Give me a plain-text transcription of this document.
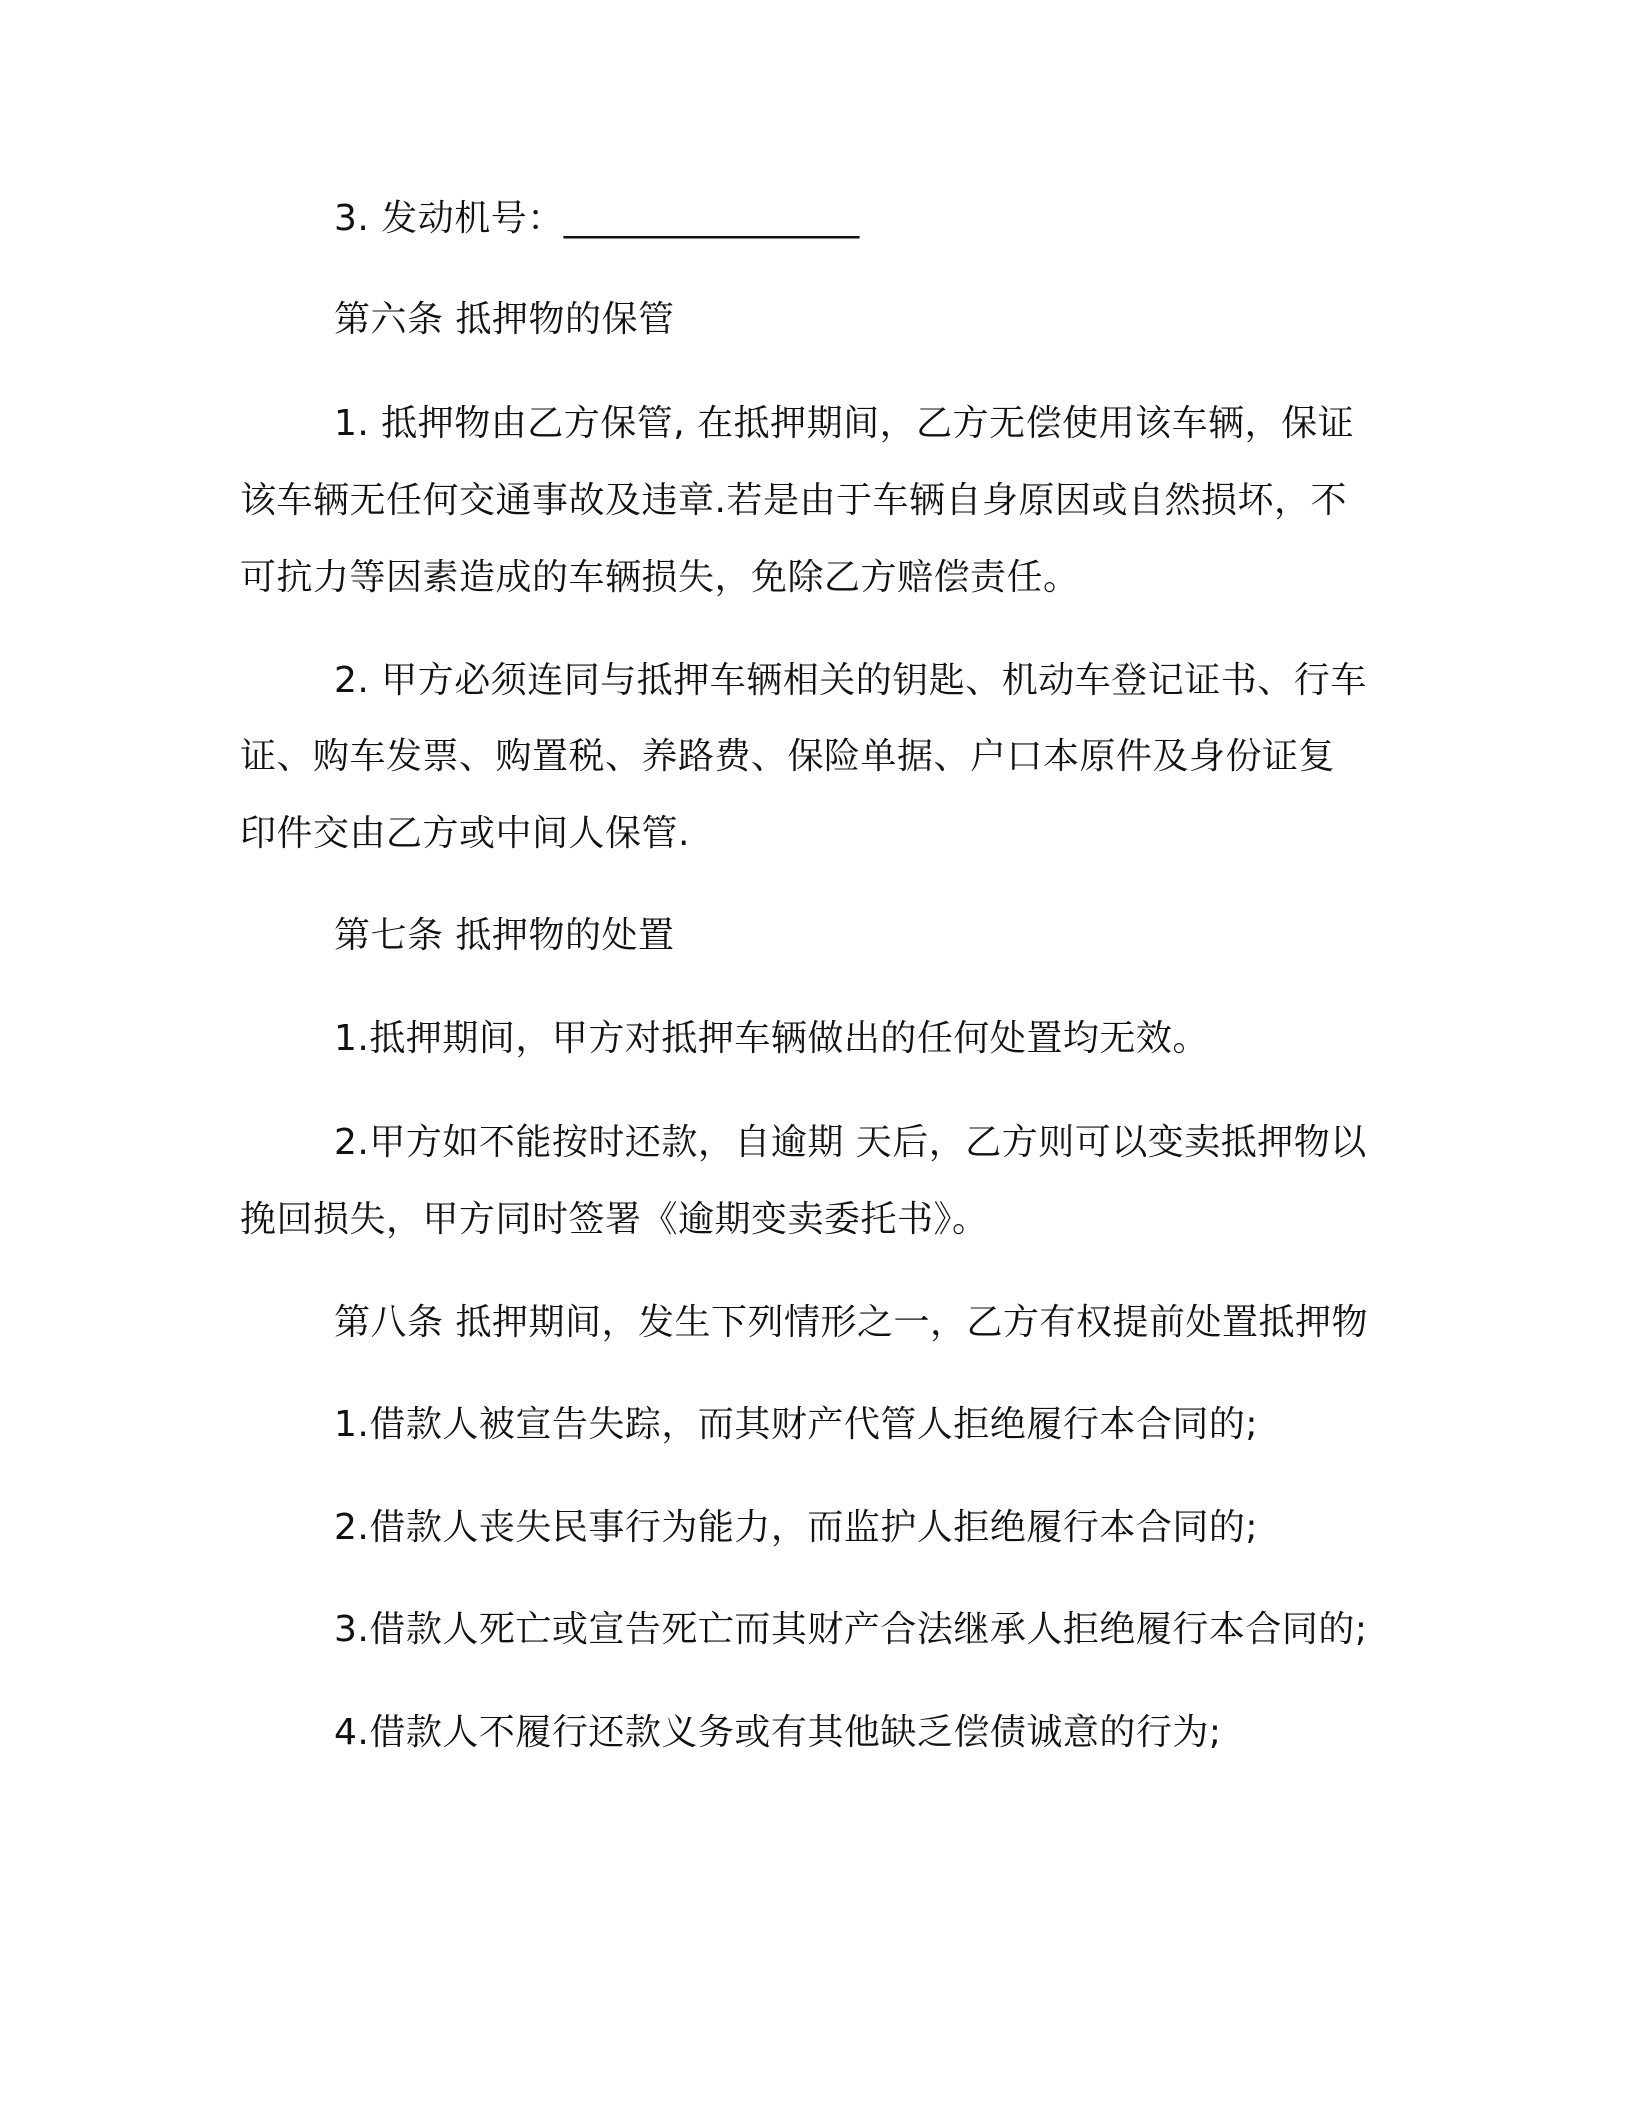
3. 发动机号：________________
第六条 抵押物的保管
1. 抵押物由乙方保管, 在抵押期间，乙方无偿使用该车辆，保证
该车辆无任何交通事故及违章.若是由于车辆自身原因或自然损坏，不
可抗力等因素造成的车辆损失，免除乙方赔偿责任。
2. 甲方必须连同与抵押车辆相关的钥匙、机动车登记证书、行车
证、购车发票、购置税、养路费、保险单据、户口本原件及身份证复
印件交由乙方或中间人保管.
第七条 抵押物的处置
1.抵押期间，甲方对抵押车辆做出的任何处置均无效。
2.甲方如不能按时还款，自逾期 天后，乙方则可以变卖抵押物以
挽回损失，甲方同时签署《逾期变卖委托书》。
第八条 抵押期间，发生下列情形之一，乙方有权提前处置抵押物
1.借款人被宣告失踪，而其财产代管人拒绝履行本合同的;
2.借款人丧失民事行为能力，而监护人拒绝履行本合同的;
3.借款人死亡或宣告死亡而其财产合法继承人拒绝履行本合同的;
4.借款人不履行还款义务或有其他缺乏偿债诚意的行为;
